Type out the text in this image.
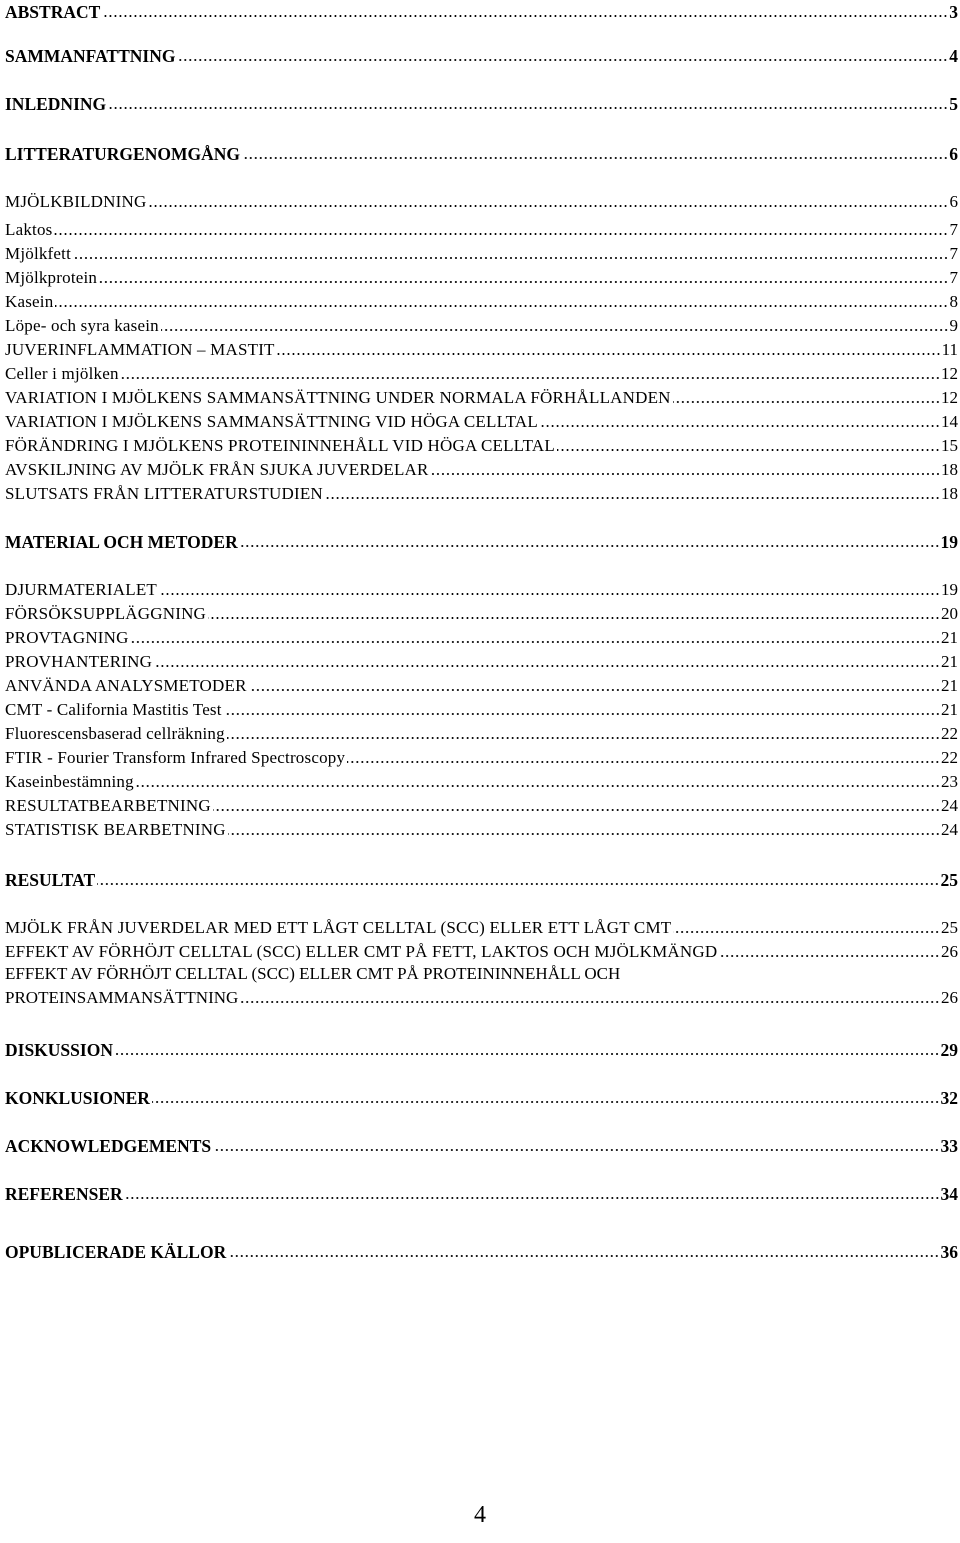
ABSTRACT	3
SAMMANFATTNING	4
INLEDNING	5
LITTERATURGENOMGÅNG	6
MJÖLKBILDNING	6
Laktos	7
Mjölkfett	7
Mjölkprotein	7
Kasein	8
Löpe- och syra kasein	9
JUVERINFLAMMATION – MASTIT	11
Celler i mjölken	12
VARIATION I MJÖLKENS SAMMANSÄTTNING UNDER NORMALA FÖRHÅLLANDEN	12
VARIATION I MJÖLKENS SAMMANSÄTTNING VID HÖGA CELLTAL	14
FÖRÄNDRING I MJÖLKENS PROTEININNEHÅLL VID HÖGA CELLTAL	15
AVSKILJNING AV MJÖLK FRÅN SJUKA JUVERDELAR	18
SLUTSATS FRÅN LITTERATURSTUDIEN	18
MATERIAL OCH METODER	19
DJURMATERIALET	19
FÖRSÖKSUPPLÄGGNING	20
PROVTAGNING	21
PROVHANTERING	21
ANVÄNDA ANALYSMETODER	21
CMT - California Mastitis Test	21
Fluorescensbaserad cellräkning	22
FTIR - Fourier Transform Infrared Spectroscopy	22
Kaseinbestämning	23
RESULTATBEARBETNING	24
STATISTISK BEARBETNING	24
RESULTAT	25
MJÖLK FRÅN JUVERDELAR MED ETT LÅGT CELLTAL (SCC) ELLER ETT LÅGT CMT	25
EFFEKT AV FÖRHÖJT CELLTAL (SCC) ELLER CMT PÅ FETT, LAKTOS OCH MJÖLKMÄNGD	26
EFFEKT AV FÖRHÖJT CELLTAL (SCC) ELLER CMT PÅ PROTEININNEHÅLL OCH
PROTEINSAMMANSÄTTNING	26
DISKUSSION	29
KONKLUSIONER	32
ACKNOWLEDGEMENTS	33
REFERENSER	34
OPUBLICERADE KÄLLOR	36
4
